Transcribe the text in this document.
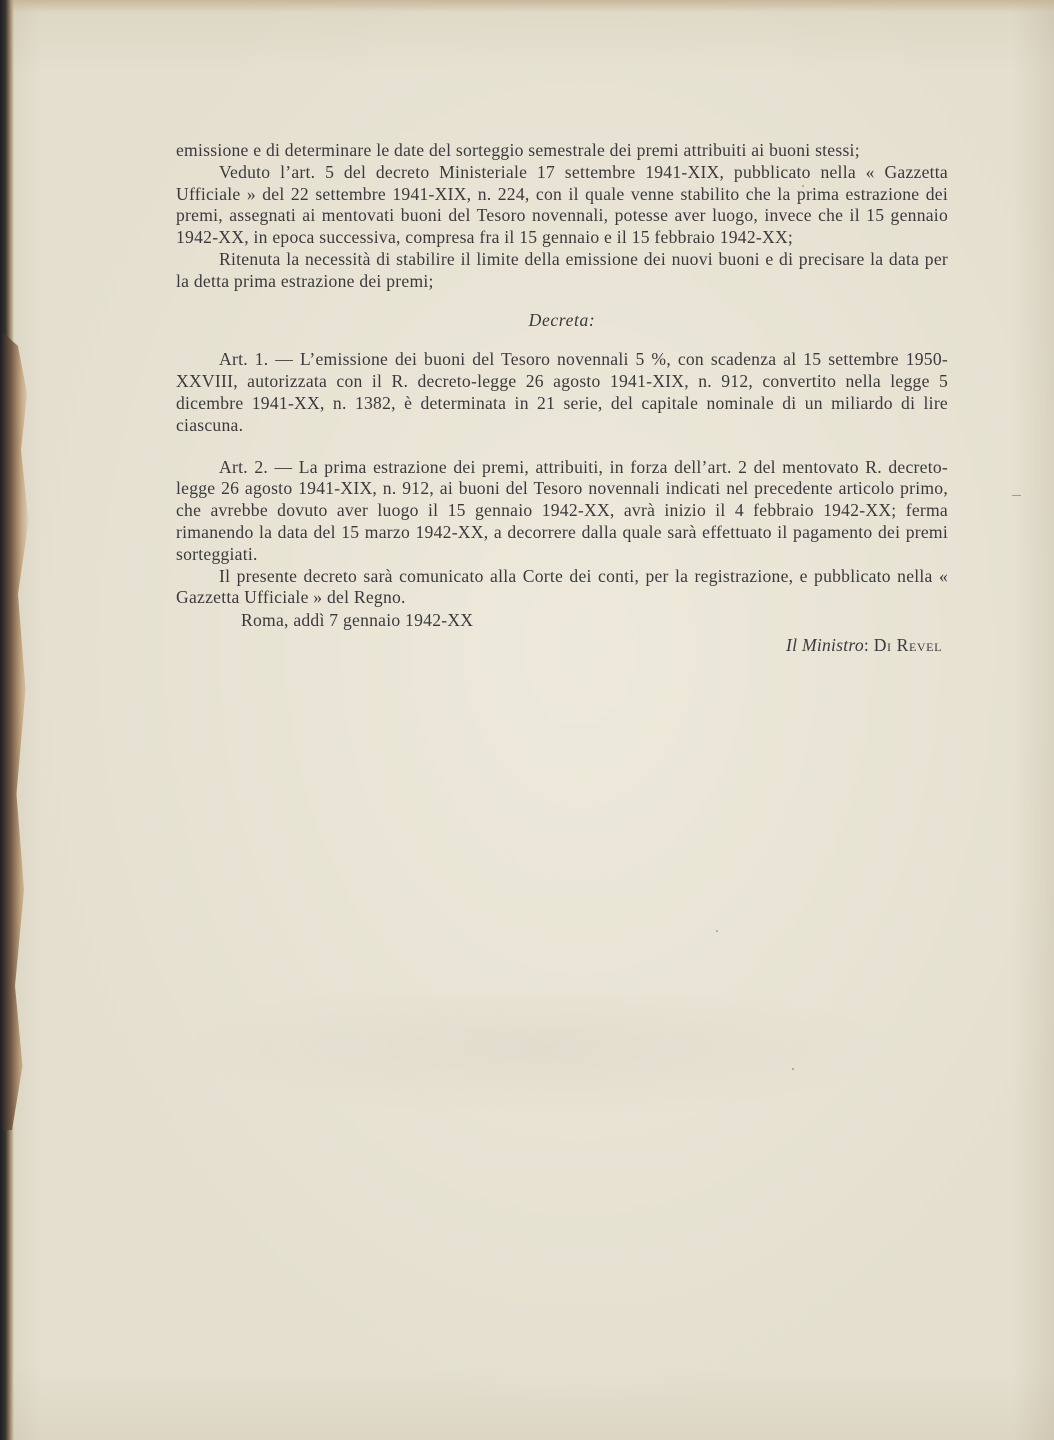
emissione e di determinare le date del sorteggio semestrale dei premi attribuiti ai buoni stessi;

Veduto l’art. 5 del decreto Ministeriale 17 settembre 1941-XIX, pubblicato nella « Gazzetta Ufficiale » del 22 settembre 1941-XIX, n. 224, con il quale venne stabilito che la prima estrazione dei premi, assegnati ai mentovati buoni del Tesoro novennali, potesse aver luogo, invece che il 15 gennaio 1942-XX, in epoca successiva, compresa fra il 15 gennaio e il 15 febbraio 1942-XX;

Ritenuta la necessità di stabilire il limite della emissione dei nuovi buoni e di precisare la data per la detta prima estrazione dei premi;

Decreta:

Art. 1. — L’emissione dei buoni del Tesoro novennali 5 %, con scadenza al 15 settembre 1950-XXVIII, autorizzata con il R. decreto-legge 26 agosto 1941-XIX, n. 912, convertito nella legge 5 dicembre 1941-XX, n. 1382, è determinata in 21 serie, del capitale nominale di un miliardo di lire ciascuna.

Art. 2. — La prima estrazione dei premi, attribuiti, in forza dell’art. 2 del mentovato R. decreto-legge 26 agosto 1941-XIX, n. 912, ai buoni del Tesoro novennali indicati nel precedente articolo primo, che avrebbe dovuto aver luogo il 15 gennaio 1942-XX, avrà inizio il 4 febbraio 1942-XX; ferma rimanendo la data del 15 marzo 1942-XX, a decorrere dalla quale sarà effettuato il pagamento dei premi sorteggiati.

Il presente decreto sarà comunicato alla Corte dei conti, per la registrazione, e pubblicato nella « Gazzetta Ufficiale » del Regno.

Roma, addì 7 gennaio 1942-XX

Il Ministro: Di Revel
